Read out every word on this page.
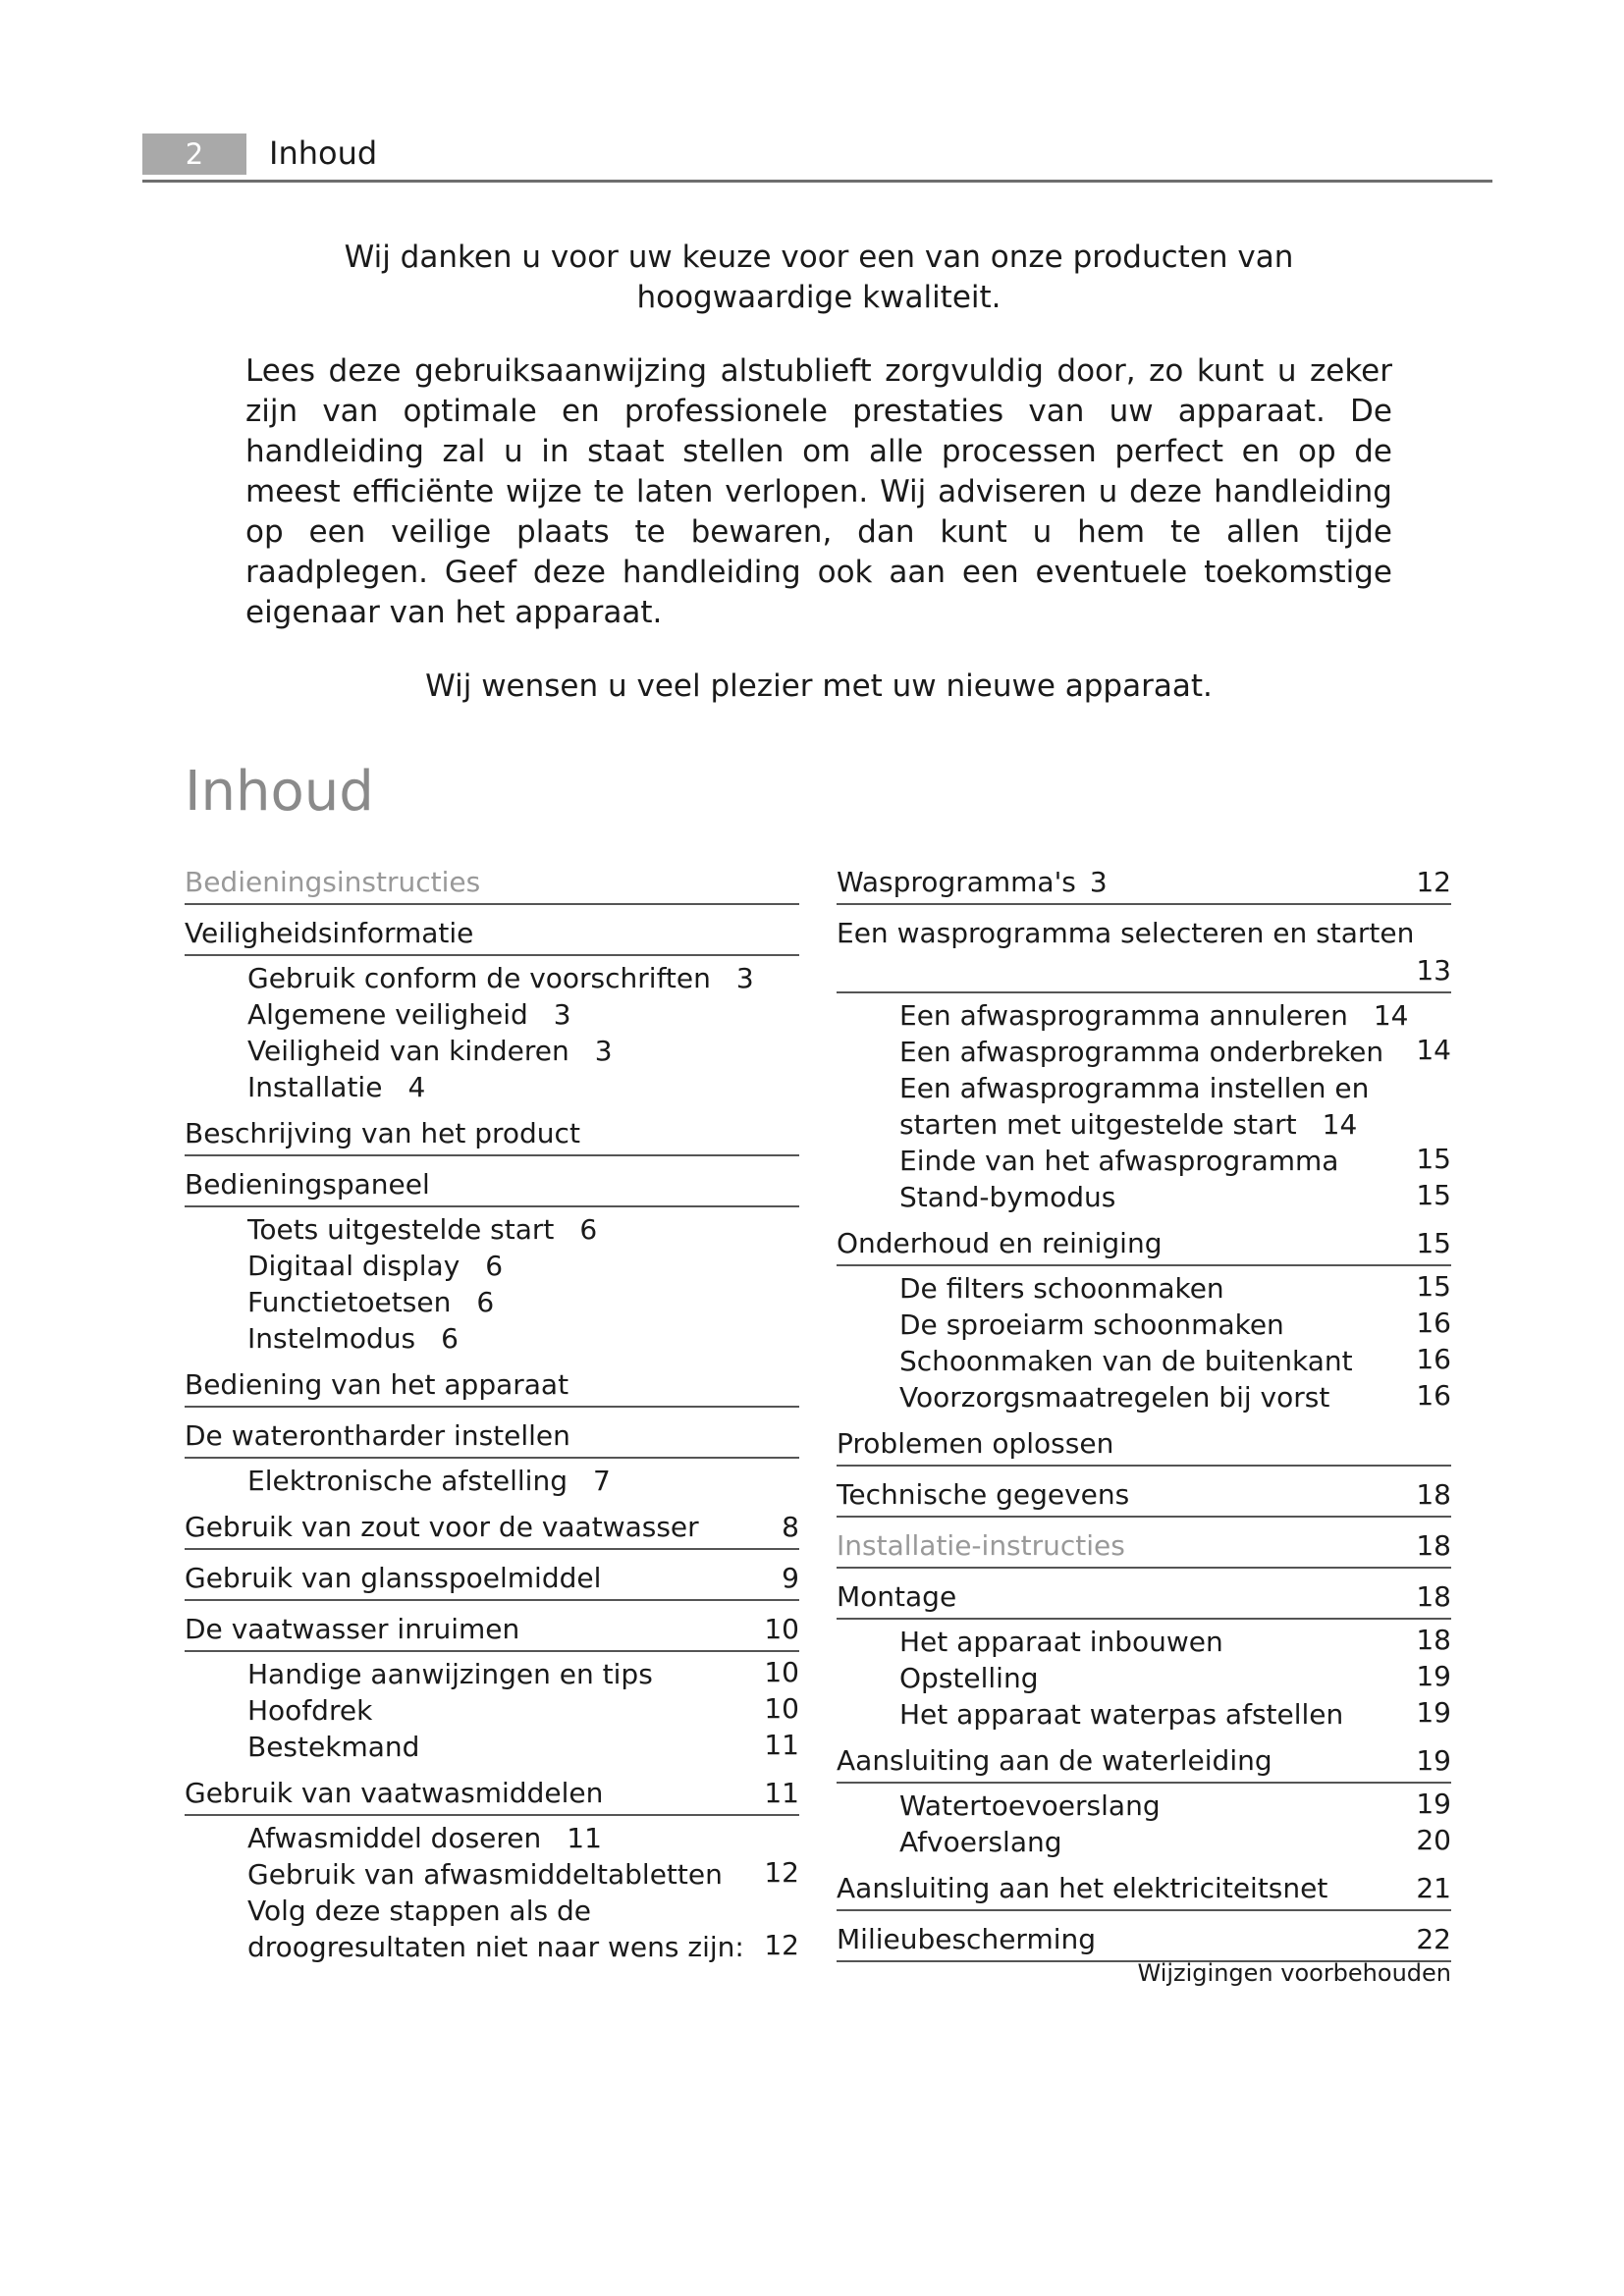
2	Inhoud

Wij danken u voor uw keuze voor een van onze producten van hoogwaardige kwaliteit.

Lees deze gebruiksaanwijzing alstublieft zorgvuldig door, zo kunt u zeker zijn van optimale en professionele prestaties van uw apparaat. De handleiding zal u in staat stellen om alle processen perfect en op de meest efficiënte wijze te laten verlopen. Wij adviseren u deze handleiding op een veilige plaats te bewaren, dan kunt u hem te allen tijde raadplegen. Geef deze handleiding ook aan een eventuele toekomstige eigenaar van het apparaat.

Wij wensen u veel plezier met uw nieuwe apparaat.

Inhoud
Bedieningsinstructies
Veiligheidsinformatie
Gebruik conform de voorschriften 3
Algemene veiligheid 3
Veiligheid van kinderen 3
Installatie 4
Beschrijving van het product
Bedieningspaneel
Toets uitgestelde start 6
Digitaal display 6
Functietoetsen 6
Instelmodus 6
Bediening van het apparaat
De waterontharder instellen
Elektronische afstelling 7
Gebruik van zout voor de vaatwasser	8
Gebruik van glansspoelmiddel	9
De vaatwasser inruimen	10
Handige aanwijzingen en tips	10
Hoofdrek	10
Bestekmand	11
Gebruik van vaatwasmiddelen	11
Afwasmiddel doseren 11
Gebruik van afwasmiddeltabletten	12
Volg deze stappen als de droogresultaten niet naar wens zijn: 12
Wasprogramma's 3	12
Een wasprogramma selecteren en starten
13
Een afwasprogramma annuleren 14
Een afwasprogramma onderbreken	14
Een afwasprogramma instellen en starten met uitgestelde start 14
Einde van het afwasprogramma	15
Stand-bymodus	15
Onderhoud en reiniging	15
De filters schoonmaken	15
De sproeiarm schoonmaken	16
Schoonmaken van de buitenkant	16
Voorzorgsmaatregelen bij vorst	16
Problemen oplossen
Technische gegevens	18
Installatie-instructies	18
Montage	18
Het apparaat inbouwen	18
Opstelling	19
Het apparaat waterpas afstellen	19
Aansluiting aan de waterleiding	19
Watertoevoerslang	19
Afvoerslang	20
Aansluiting aan het elektriciteitsnet	21
Milieubescherming	22
Wijzigingen voorbehouden
